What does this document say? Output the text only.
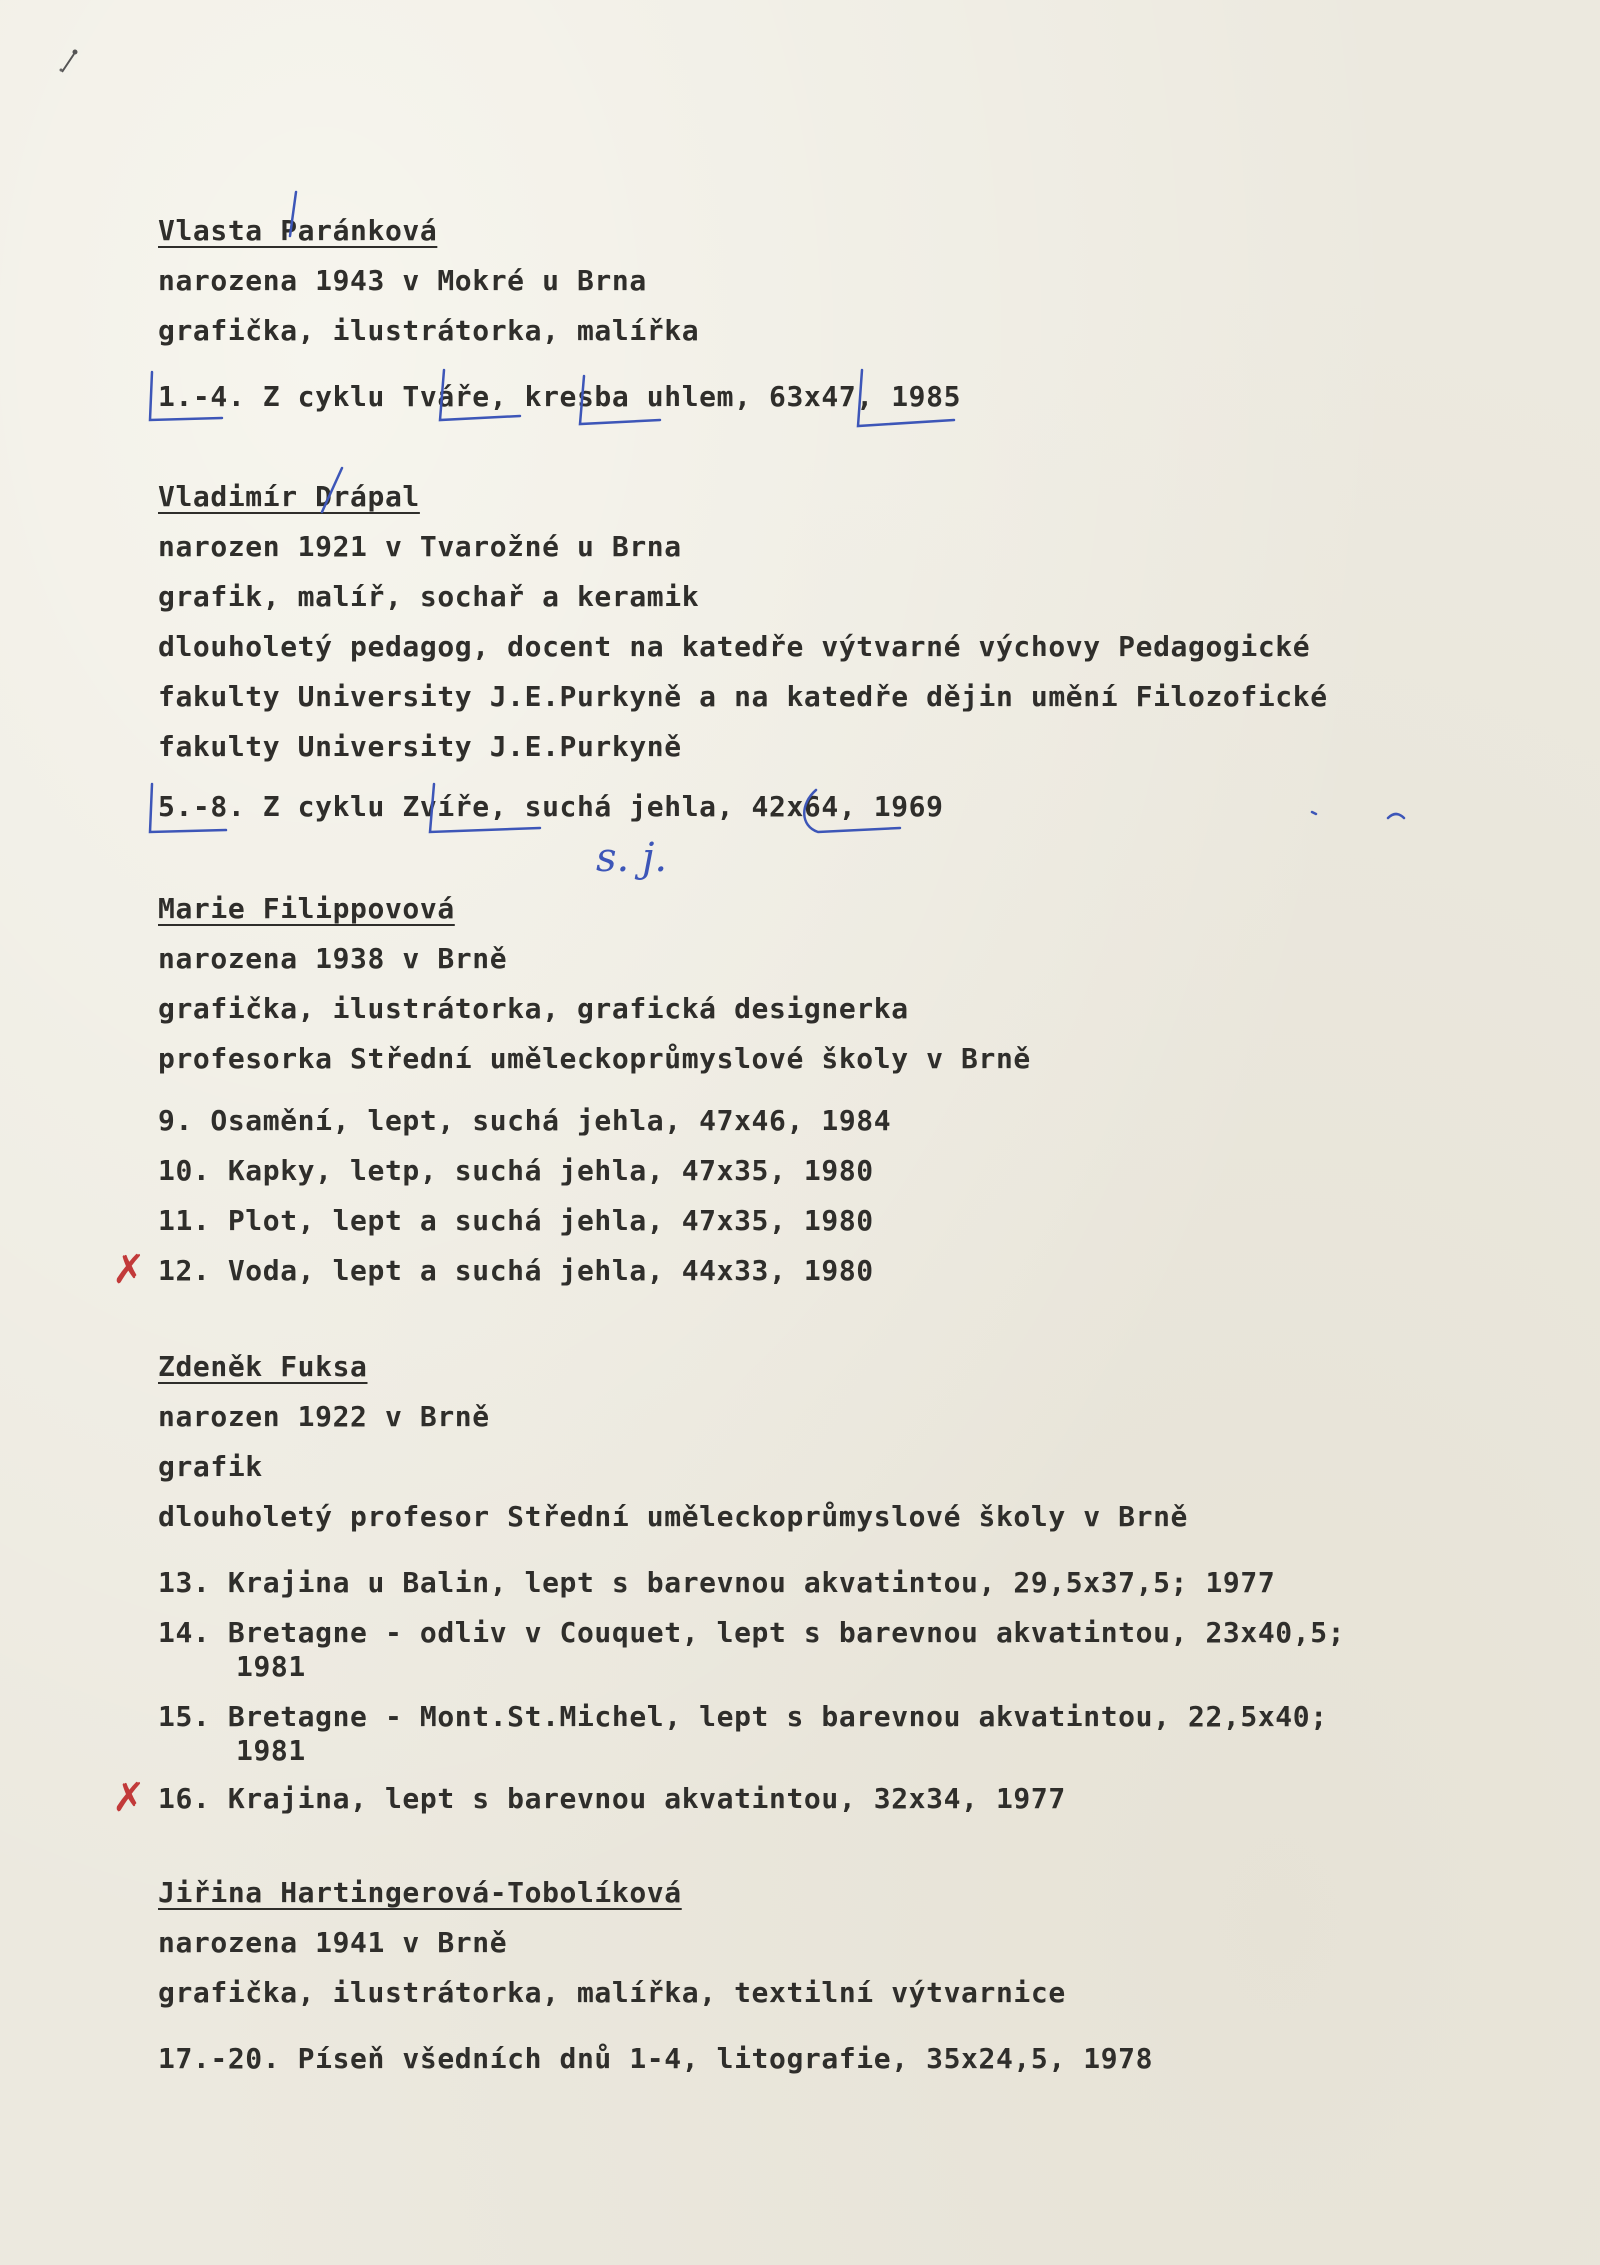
Vlasta Paránková
narozena 1943 v Mokré u Brna
grafička, ilustrátorka, malířka
1.-4. Z cyklu Tváře, kresba uhlem, 63x47, 1985
Vladimír Drápal
narozen 1921 v Tvarožné u Brna
grafik, malíř, sochař a keramik
dlouholetý pedagog, docent na katedře výtvarné výchovy Pedagogické
fakulty University J.E.Purkyně a na katedře dějin umění Filozofické
fakulty University J.E.Purkyně
5.-8. Z cyklu Zvíře, suchá jehla, 42x64, 1969
s. j.
Marie Filippovová
narozena 1938 v Brně
grafička, ilustrátorka, grafická designerka
profesorka Střední uměleckoprůmyslové školy v Brně
9. Osamění, lept, suchá jehla, 47x46, 1984
10. Kapky, letp, suchá jehla, 47x35, 1980
11. Plot, lept a suchá jehla, 47x35, 1980
✗ 12. Voda, lept a suchá jehla, 44x33, 1980
Zdeněk Fuksa
narozen 1922 v Brně
grafik
dlouholetý profesor Střední uměleckoprůmyslové školy v Brně
13. Krajina u Balin, lept s barevnou akvatintou, 29,5x37,5; 1977
14. Bretagne - odliv v Couquet, lept s barevnou akvatintou, 23x40,5;
1981
15. Bretagne - Mont.St.Michel, lept s barevnou akvatintou, 22,5x40;
1981
✗ 16. Krajina, lept s barevnou akvatintou, 32x34, 1977
Jiřina Hartingerová-Tobolíková
narozena 1941 v Brně
grafička, ilustrátorka, malířka, textilní výtvarnice
17.-20. Píseň všedních dnů 1-4, litografie, 35x24,5, 1978
